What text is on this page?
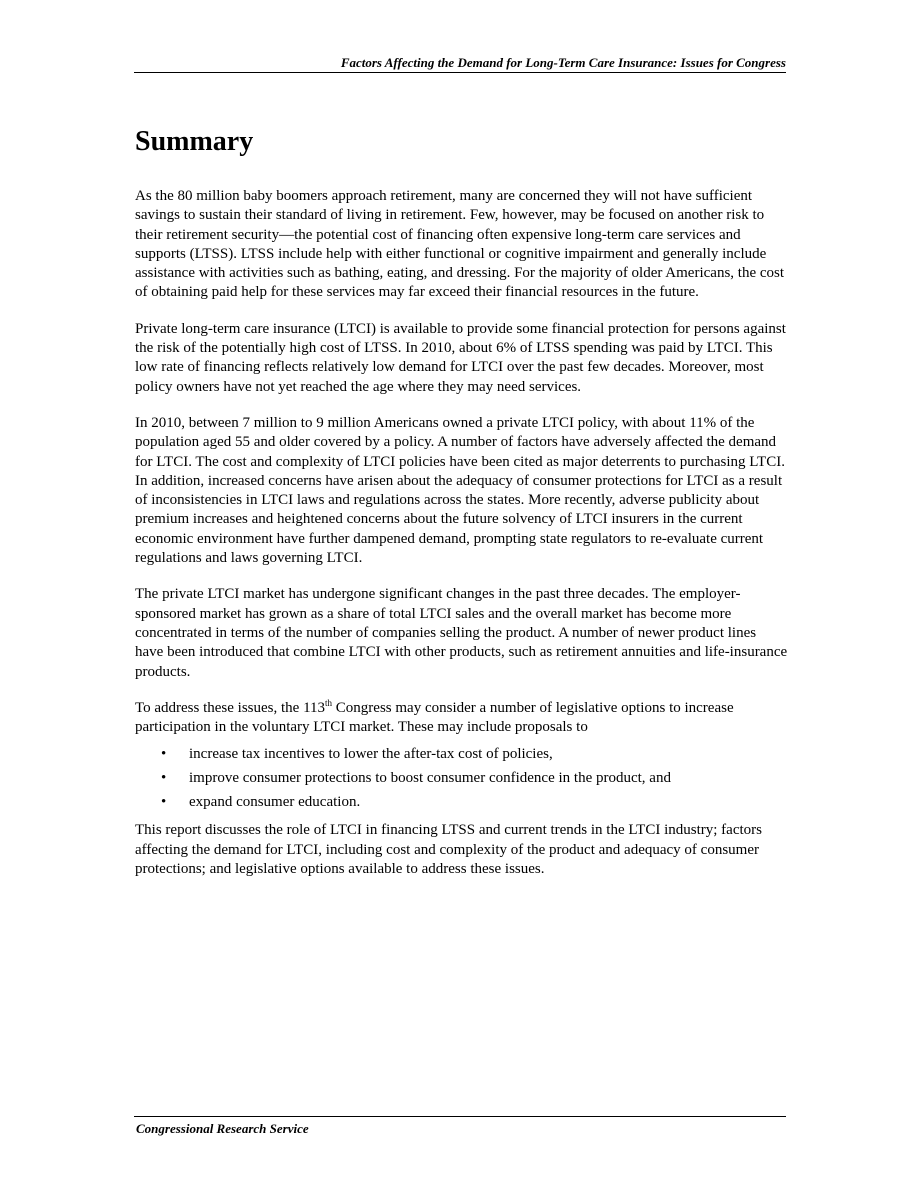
Factors Affecting the Demand for Long-Term Care Insurance: Issues for Congress
Summary

As the 80 million baby boomers approach retirement, many are concerned they will not have sufficient savings to sustain their standard of living in retirement. Few, however, may be focused on another risk to their retirement security—the potential cost of financing often expensive long-term care services and supports (LTSS). LTSS include help with either functional or cognitive impairment and generally include assistance with activities such as bathing, eating, and dressing. For the majority of older Americans, the cost of obtaining paid help for these services may far exceed their financial resources in the future.

Private long-term care insurance (LTCI) is available to provide some financial protection for persons against the risk of the potentially high cost of LTSS. In 2010, about 6% of LTSS spending was paid by LTCI. This low rate of financing reflects relatively low demand for LTCI over the past few decades. Moreover, most policy owners have not yet reached the age where they may need services.

In 2010, between 7 million to 9 million Americans owned a private LTCI policy, with about 11% of the population aged 55 and older covered by a policy. A number of factors have adversely affected the demand for LTCI. The cost and complexity of LTCI policies have been cited as major deterrents to purchasing LTCI. In addition, increased concerns have arisen about the adequacy of consumer protections for LTCI as a result of inconsistencies in LTCI laws and regulations across the states. More recently, adverse publicity about premium increases and heightened concerns about the future solvency of LTCI insurers in the current economic environment have further dampened demand, prompting state regulators to re-evaluate current regulations and laws governing LTCI.

The private LTCI market has undergone significant changes in the past three decades. The employer-sponsored market has grown as a share of total LTCI sales and the overall market has become more concentrated in terms of the number of companies selling the product. A number of newer product lines have been introduced that combine LTCI with other products, such as retirement annuities and life-insurance products.

To address these issues, the 113th Congress may consider a number of legislative options to increase participation in the voluntary LTCI market. These may include proposals to

• increase tax incentives to lower the after-tax cost of policies,
• improve consumer protections to boost consumer confidence in the product, and
• expand consumer education.

This report discusses the role of LTCI in financing LTSS and current trends in the LTCI industry; factors affecting the demand for LTCI, including cost and complexity of the product and adequacy of consumer protections; and legislative options available to address these issues.

Congressional Research Service
